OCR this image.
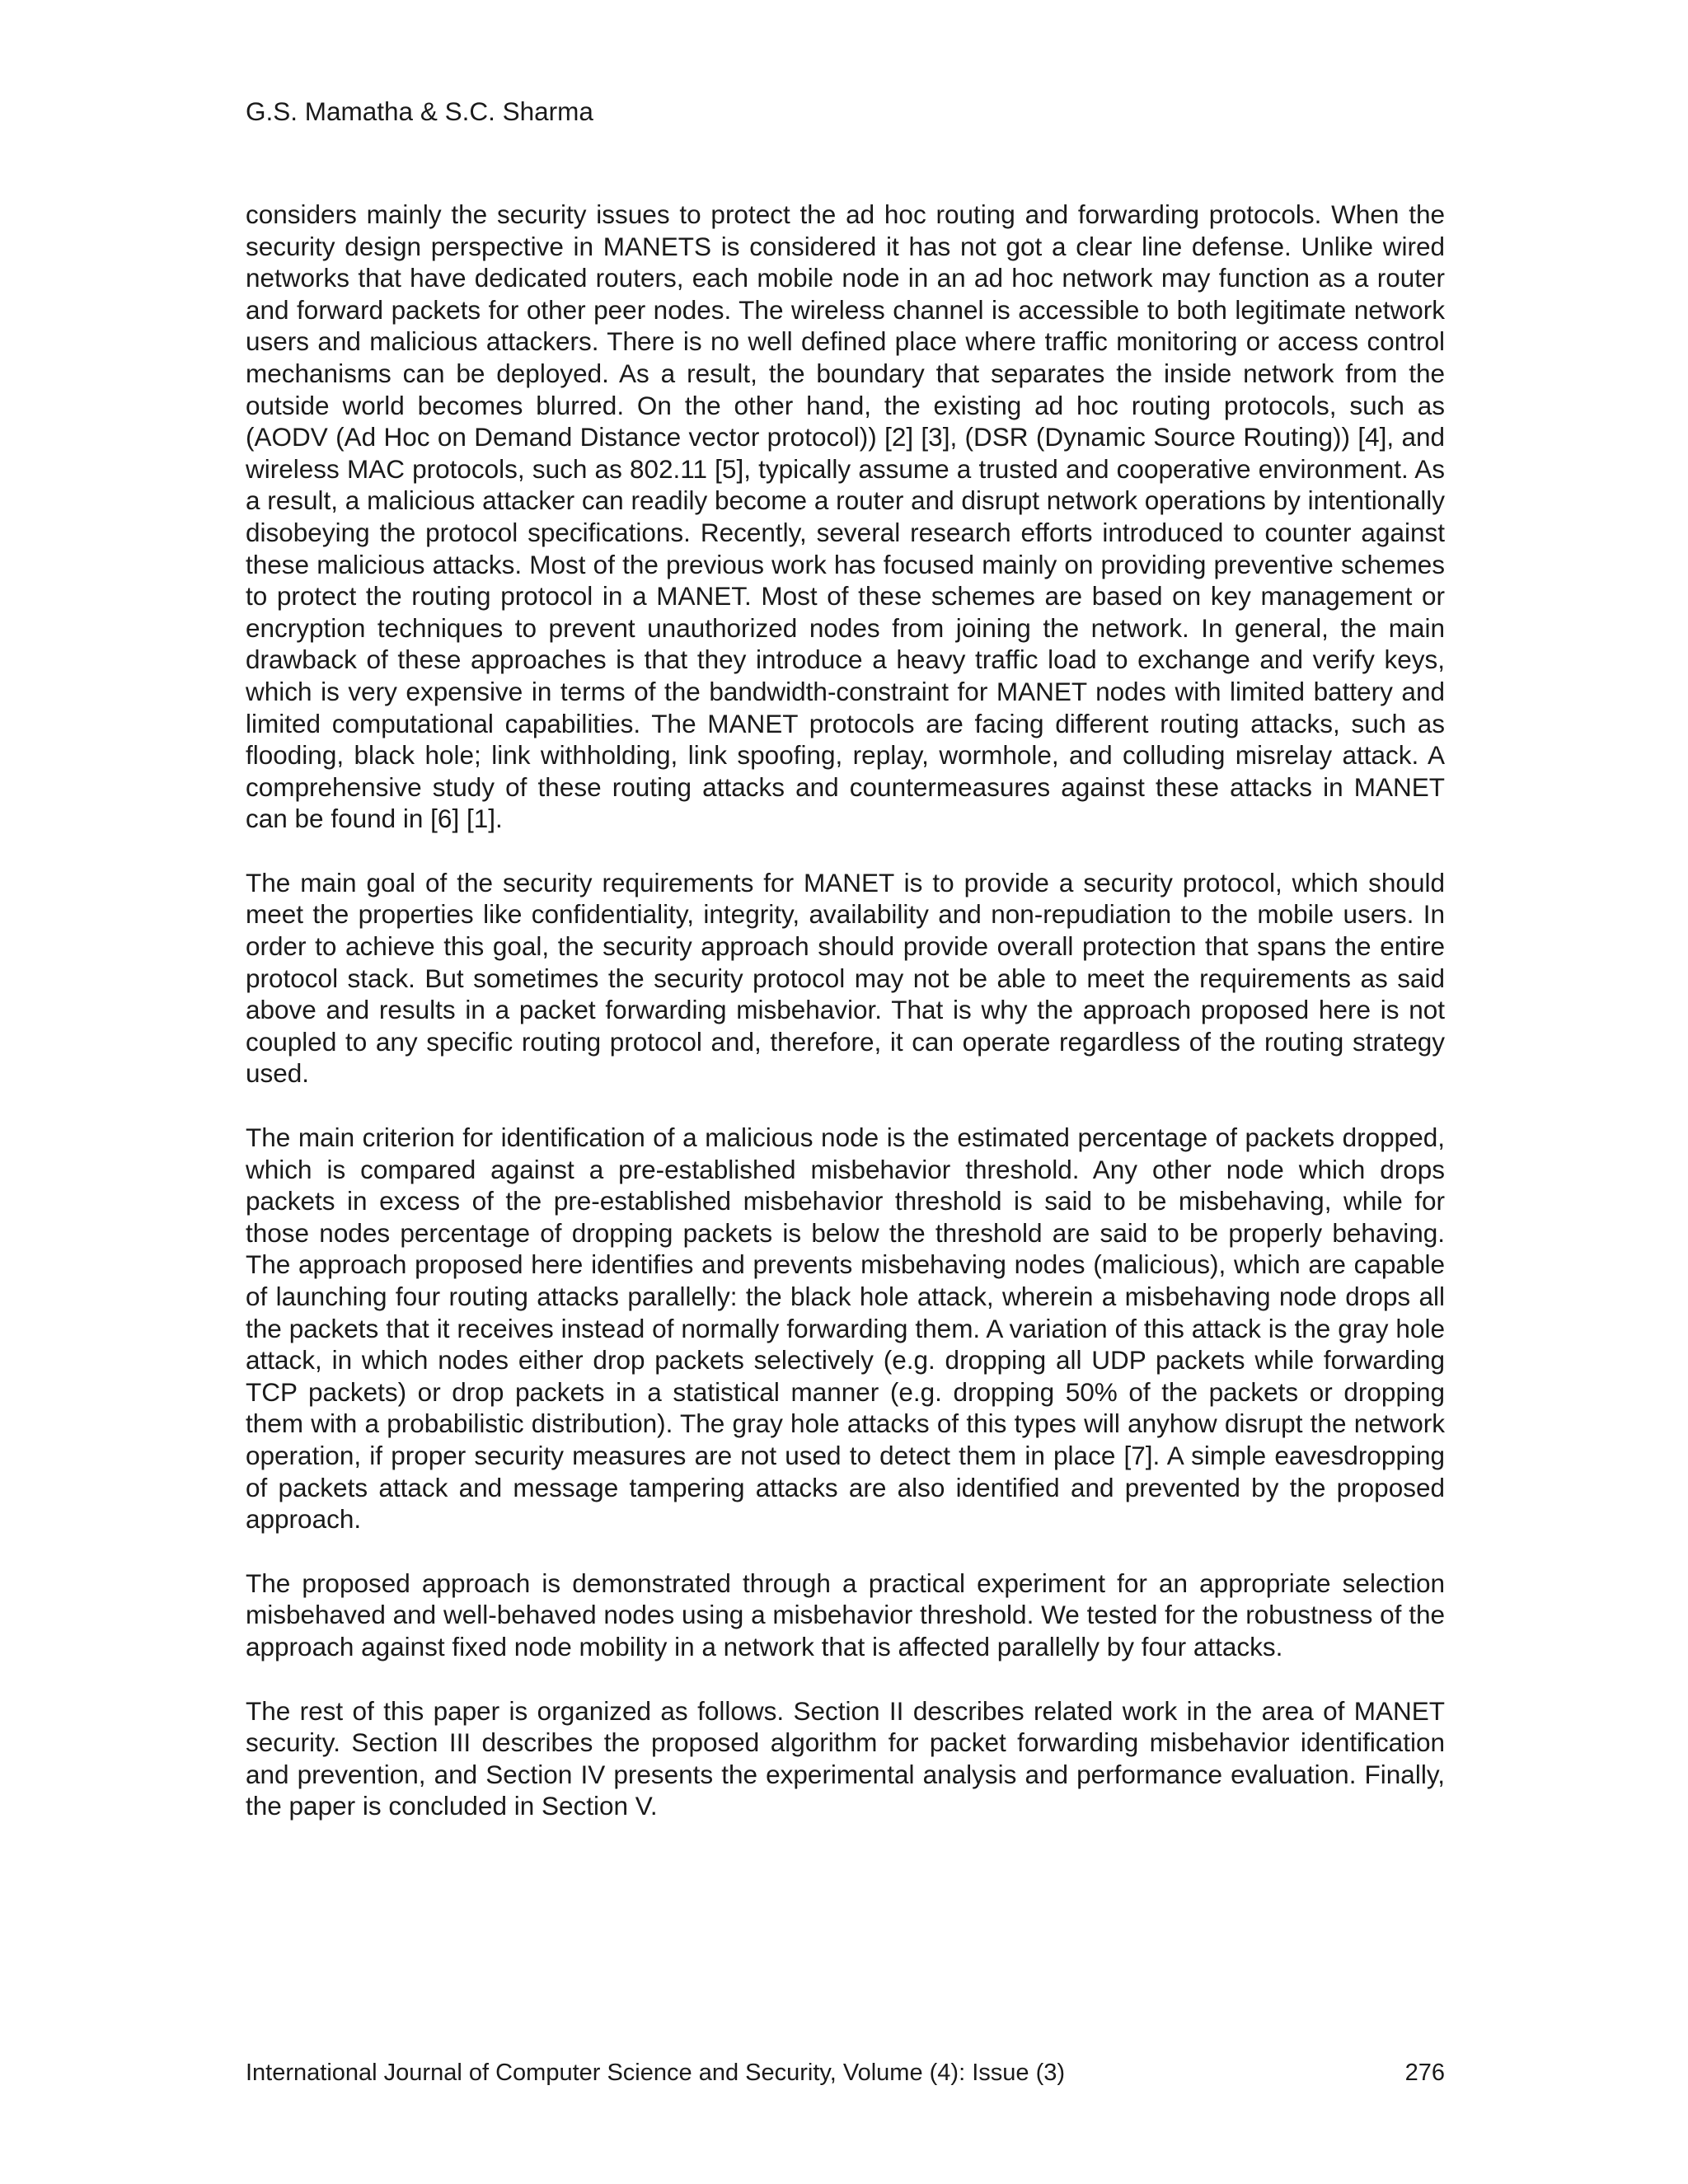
G.S. Mamatha & S.C. Sharma

considers mainly the security issues to protect the ad hoc routing and forwarding protocols. When the security design perspective in MANETS is considered it has not got a clear line defense. Unlike wired networks that have dedicated routers, each mobile node in an ad hoc network may function as a router and forward packets for other peer nodes. The wireless channel is accessible to both legitimate network users and malicious attackers. There is no well defined place where traffic monitoring or access control mechanisms can be deployed. As a result, the boundary that separates the inside network from the outside world becomes blurred. On the other hand, the existing ad hoc routing protocols, such as (AODV (Ad Hoc on Demand Distance vector protocol)) [2] [3], (DSR (Dynamic Source Routing)) [4], and wireless MAC protocols, such as 802.11 [5], typically assume a trusted and cooperative environment. As a result, a malicious attacker can readily become a router and disrupt network operations by intentionally disobeying the protocol specifications. Recently, several research efforts introduced to counter against these malicious attacks. Most of the previous work has focused mainly on providing preventive schemes to protect the routing protocol in a MANET. Most of these schemes are based on key management or encryption techniques to prevent unauthorized nodes from joining the network. In general, the main drawback of these approaches is that they introduce a heavy traffic load to exchange and verify keys, which is very expensive in terms of the bandwidth-constraint for MANET nodes with limited battery and limited computational capabilities. The MANET protocols are facing different routing attacks, such as flooding, black hole; link withholding, link spoofing, replay, wormhole, and colluding misrelay attack. A comprehensive study of these routing attacks and countermeasures against these attacks in MANET can be found in [6] [1].

The main goal of the security requirements for MANET is to provide a security protocol, which should meet the properties like confidentiality, integrity, availability and non-repudiation to the mobile users. In order to achieve this goal, the security approach should provide overall protection that spans the entire protocol stack. But sometimes the security protocol may not be able to meet the requirements as said above and results in a packet forwarding misbehavior. That is why the approach proposed here is not coupled to any specific routing protocol and, therefore, it can operate regardless of the routing strategy used.

The main criterion for identification of a malicious node is the estimated percentage of packets dropped, which is compared against a pre-established misbehavior threshold. Any other node which drops packets in excess of the pre-established misbehavior threshold is said to be misbehaving, while for those nodes percentage of dropping packets is below the threshold are said to be properly behaving. The approach proposed here identifies and prevents misbehaving nodes (malicious), which are capable of launching four routing attacks parallelly: the black hole attack, wherein a misbehaving node drops all the packets that it receives instead of normally forwarding them. A variation of this attack is the gray hole attack, in which nodes either drop packets selectively (e.g. dropping all UDP packets while forwarding TCP packets) or drop packets in a statistical manner (e.g. dropping 50% of the packets or dropping them with a probabilistic distribution). The gray hole attacks of this types will anyhow disrupt the network operation, if proper security measures are not used to detect them in place [7]. A simple eavesdropping of packets attack and message tampering attacks are also identified and prevented by the proposed approach.

The proposed approach is demonstrated through a practical experiment for an appropriate selection misbehaved and well-behaved nodes using a misbehavior threshold. We tested for the robustness of the approach against fixed node mobility in a network that is affected parallelly by four attacks.

The rest of this paper is organized as follows. Section II describes related work in the area of MANET security. Section III describes the proposed algorithm for packet forwarding misbehavior identification and prevention, and Section IV presents the experimental analysis and performance evaluation. Finally, the paper is concluded in Section V.

International Journal of Computer Science and Security, Volume (4): Issue (3)	276
